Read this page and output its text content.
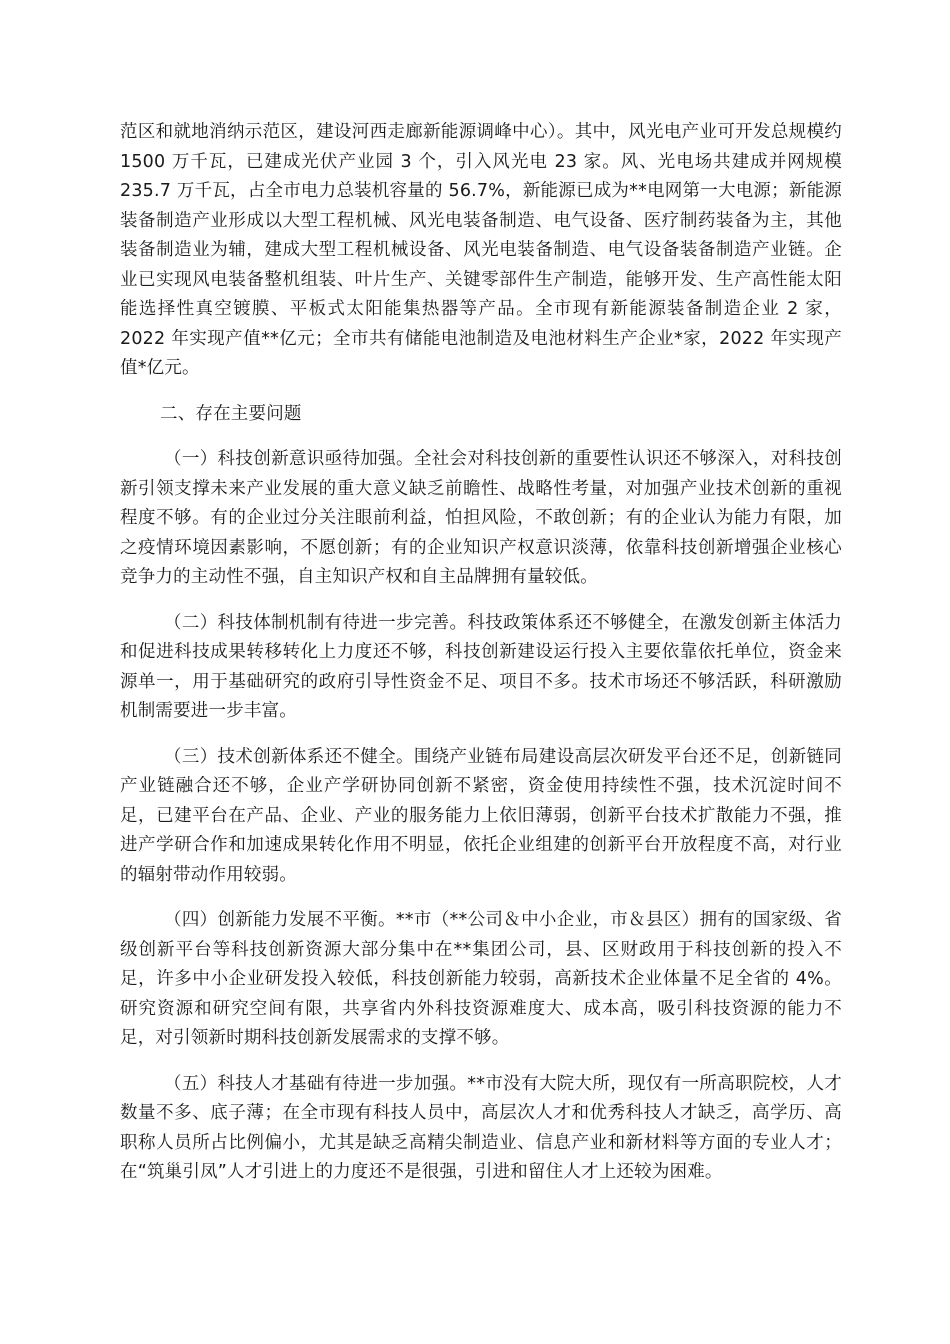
范区和就地消纳示范区，建设河西走廊新能源调峰中心）。其中，风光电产业可开发总规模约 1500 万千瓦，已建成光伏产业园 3 个，引入风光电 23 家。风、光电场共建成并网规模 235.7 万千瓦，占全市电力总装机容量的 56.7%，新能源已成为**电网第一大电源；新能源装备制造产业形成以大型工程机械、风光电装备制造、电气设备、医疗制药装备为主，其他装备制造业为辅，建成大型工程机械设备、风光电装备制造、电气设备装备制造产业链。企业已实现风电装备整机组装、叶片生产、关键零部件生产制造，能够开发、生产高性能太阳能选择性真空镀膜、平板式太阳能集热器等产品。全市现有新能源装备制造企业 2 家，2022 年实现产值**亿元；全市共有储能电池制造及电池材料生产企业*家，2022 年实现产值*亿元。

二、存在主要问题

（一）科技创新意识亟待加强。全社会对科技创新的重要性认识还不够深入，对科技创新引领支撑未来产业发展的重大意义缺乏前瞻性、战略性考量，对加强产业技术创新的重视程度不够。有的企业过分关注眼前利益，怕担风险，不敢创新；有的企业认为能力有限，加之疫情环境因素影响，不愿创新；有的企业知识产权意识淡薄，依靠科技创新增强企业核心竞争力的主动性不强，自主知识产权和自主品牌拥有量较低。

（二）科技体制机制有待进一步完善。科技政策体系还不够健全，在激发创新主体活力和促进科技成果转移转化上力度还不够，科技创新建设运行投入主要依靠依托单位，资金来源单一，用于基础研究的政府引导性资金不足、项目不多。技术市场还不够活跃，科研激励机制需要进一步丰富。

（三）技术创新体系还不健全。围绕产业链布局建设高层次研发平台还不足，创新链同产业链融合还不够，企业产学研协同创新不紧密，资金使用持续性不强，技术沉淀时间不足，已建平台在产品、企业、产业的服务能力上依旧薄弱，创新平台技术扩散能力不强，推进产学研合作和加速成果转化作用不明显，依托企业组建的创新平台开放程度不高，对行业的辐射带动作用较弱。

（四）创新能力发展不平衡。**市（**公司＆中小企业，市＆县区）拥有的国家级、省级创新平台等科技创新资源大部分集中在**集团公司，县、区财政用于科技创新的投入不足，许多中小企业研发投入较低，科技创新能力较弱，高新技术企业体量不足全省的 4%。研究资源和研究空间有限，共享省内外科技资源难度大、成本高，吸引科技资源的能力不足，对引领新时期科技创新发展需求的支撑不够。

（五）科技人才基础有待进一步加强。**市没有大院大所，现仅有一所高职院校，人才数量不多、底子薄；在全市现有科技人员中，高层次人才和优秀科技人才缺乏，高学历、高职称人员所占比例偏小，尤其是缺乏高精尖制造业、信息产业和新材料等方面的专业人才；在“筑巢引凤”人才引进上的力度还不是很强，引进和留住人才上还较为困难。
